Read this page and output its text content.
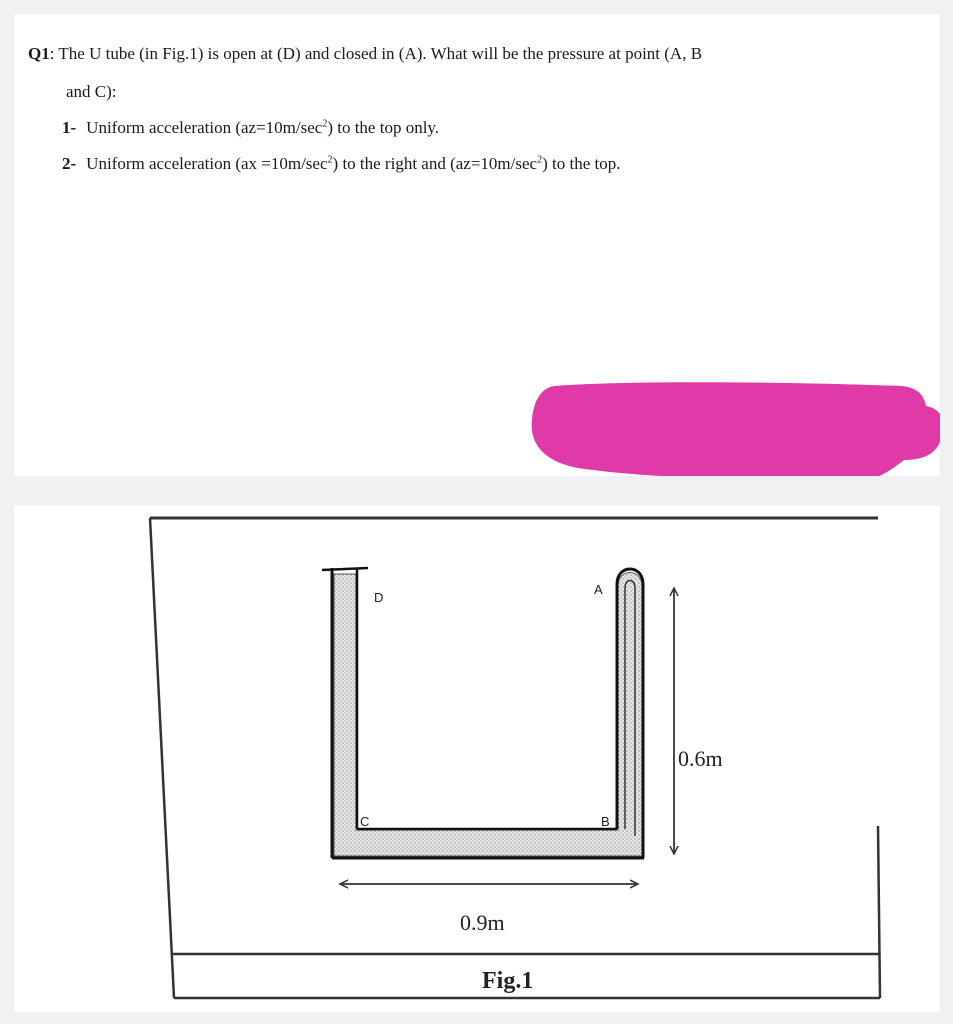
Q1: The U tube (in Fig.1) is open at (D) and closed in (A). What will be the pressure at point (A, B
and C):
1- Uniform acceleration $(az=10m/\sec^2)$ to the top only.
2- Uniform acceleration $(ax =10m/\sec^2)$ to the right and $(az=10m/\sec^2)$ to the top.
D
A
B
C
0.6m
0.9m
Fig.1
